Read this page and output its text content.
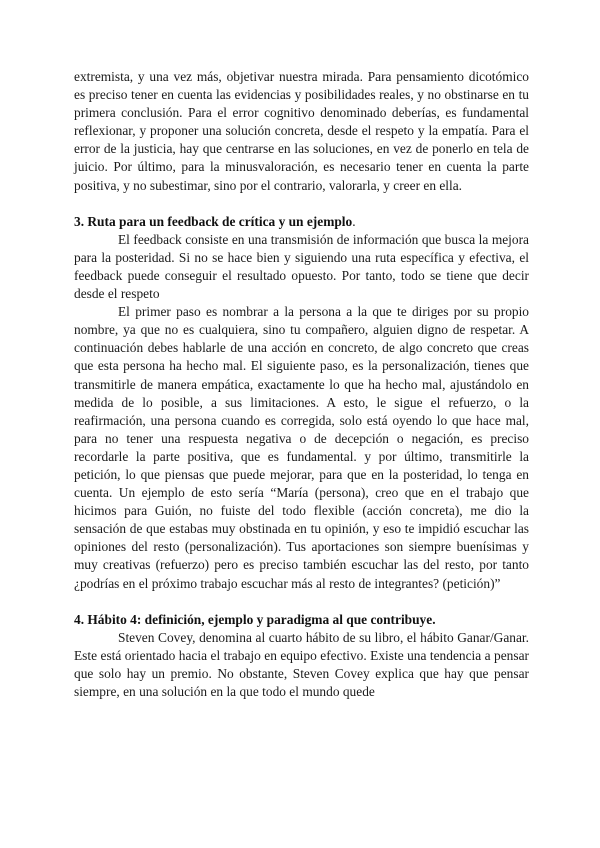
extremista, y una vez más, objetivar nuestra mirada. Para pensamiento dicotómico es preciso tener en cuenta las evidencias y posibilidades reales, y no obstinarse en tu primera conclusión. Para el error cognitivo denominado deberías, es fundamental reflexionar, y proponer una solución concreta, desde el respeto y la empatía. Para el error de la justicia, hay que centrarse en las soluciones, en vez de ponerlo en tela de juicio. Por último, para la minusvaloración, es necesario tener en cuenta la parte positiva, y no subestimar, sino por el contrario, valorarla, y creer en ella.

3. Ruta para un feedback de crítica y un ejemplo.

El feedback consiste en una transmisión de información que busca la mejora para la posteridad. Si no se hace bien y siguiendo una ruta específica y efectiva, el feedback puede conseguir el resultado opuesto. Por tanto, todo se tiene que decir desde el respeto

El primer paso es nombrar a la persona a la que te diriges por su propio nombre, ya que no es cualquiera, sino tu compañero, alguien digno de respetar. A continuación debes hablarle de una acción en concreto, de algo concreto que creas que esta persona ha hecho mal. El siguiente paso, es la personalización, tienes que transmitirle de manera empática, exactamente lo que ha hecho mal, ajustándolo en medida de lo posible, a sus limitaciones. A esto, le sigue el refuerzo, o la reafirmación, una persona cuando es corregida, solo está oyendo lo que hace mal, para no tener una respuesta negativa o de decepción o negación, es preciso recordarle la parte positiva, que es fundamental. y por último, transmitirle la petición, lo que piensas que puede mejorar, para que en la posteridad, lo tenga en cuenta. Un ejemplo de esto sería “María (persona), creo que en el trabajo que hicimos para Guión, no fuiste del todo flexible (acción concreta), me dio la sensación de que estabas muy obstinada en tu opinión, y eso te impidió escuchar las opiniones del resto (personalización). Tus aportaciones son siempre buenísimas y muy creativas (refuerzo) pero es preciso también escuchar las del resto, por tanto ¿podrías en el próximo trabajo escuchar más al resto de integrantes? (petición)”

4. Hábito 4: definición, ejemplo y paradigma al que contribuye.

Steven Covey, denomina al cuarto hábito de su libro, el hábito Ganar/Ganar. Este está orientado hacia el trabajo en equipo efectivo. Existe una tendencia a pensar que solo hay un premio. No obstante, Steven Covey explica que hay que pensar siempre, en una solución en la que todo el mundo quede
